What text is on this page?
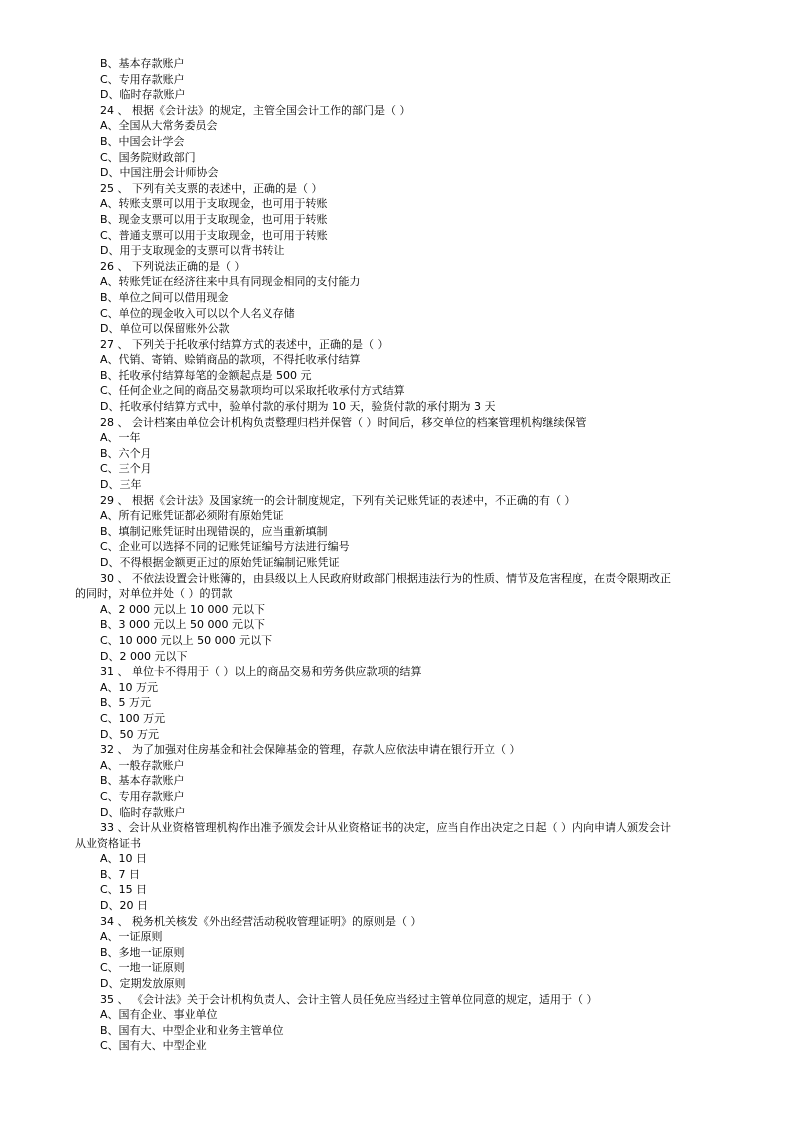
B、基本存款账户
C、专用存款账户
D、临时存款账户
24 、 根据《会计法》的规定，主管全国会计工作的部门是（ ）
A、全国从大常务委员会
B、中国会计学会
C、国务院财政部门
D、中国注册会计师协会
25 、 下列有关支票的表述中，正确的是（ ）
A、转账支票可以用于支取现金，也可用于转账
B、现金支票可以用于支取现金，也可用于转账
C、普通支票可以用于支取现金，也可用于转账
D、用于支取现金的支票可以背书转让
26 、 下列说法正确的是（ ）
A、转账凭证在经济往来中具有同现金相同的支付能力
B、单位之间可以借用现金
C、单位的现金收入可以以个人名义存储
D、单位可以保留账外公款
27 、 下列关于托收承付结算方式的表述中，正确的是（ ）
A、代销、寄销、赊销商品的款项，不得托收承付结算
B、托收承付结算每笔的金额起点是 500 元
C、任何企业之间的商品交易款项均可以采取托收承付方式结算
D、托收承付结算方式中，验单付款的承付期为 10 天，验货付款的承付期为 3 天
28 、 会计档案由单位会计机构负责整理归档并保管（ ）时间后，移交单位的档案管理机构继续保管
A、一年
B、六个月
C、三个月
D、三年
29 、 根据《会计法》及国家统一的会计制度规定，下列有关记账凭证的表述中，不正确的有（ ）
A、所有记账凭证都必须附有原始凭证
B、填制记账凭证时出现错误的，应当重新填制
C、企业可以选择不同的记账凭证编号方法进行编号
D、不得根据金额更正过的原始凭证编制记账凭证
30 、 不依法设置会计账簿的，由县级以上人民政府财政部门根据违法行为的性质、情节及危害程度，在责令限期改正
的同时，对单位并处（ ）的罚款
A、2 000 元以上 10 000 元以下
B、3 000 元以上 50 000 元以下
C、10 000 元以上 50 000 元以下
D、2 000 元以下
31 、 单位卡不得用于（ ）以上的商品交易和劳务供应款项的结算
A、10 万元
B、5 万元
C、100 万元
D、50 万元
32 、 为了加强对住房基金和社会保障基金的管理，存款人应依法申请在银行开立（ ）
A、一般存款账户
B、基本存款账户
C、专用存款账户
D、临时存款账户
33 、会计从业资格管理机构作出准予颁发会计从业资格证书的决定，应当自作出决定之日起（ ）内向申请人颁发会计
从业资格证书
A、10 日
B、7 日
C、15 日
D、20 日
34 、 税务机关核发《外出经营活动税收管理证明》的原则是（ ）
A、一证原则
B、多地一证原则
C、一地一证原则
D、定期发放原则
35 、 《会计法》关于会计机构负责人、会计主管人员任免应当经过主管单位同意的规定，适用于（ ）
A、国有企业、事业单位
B、国有大、中型企业和业务主管单位
C、国有大、中型企业
